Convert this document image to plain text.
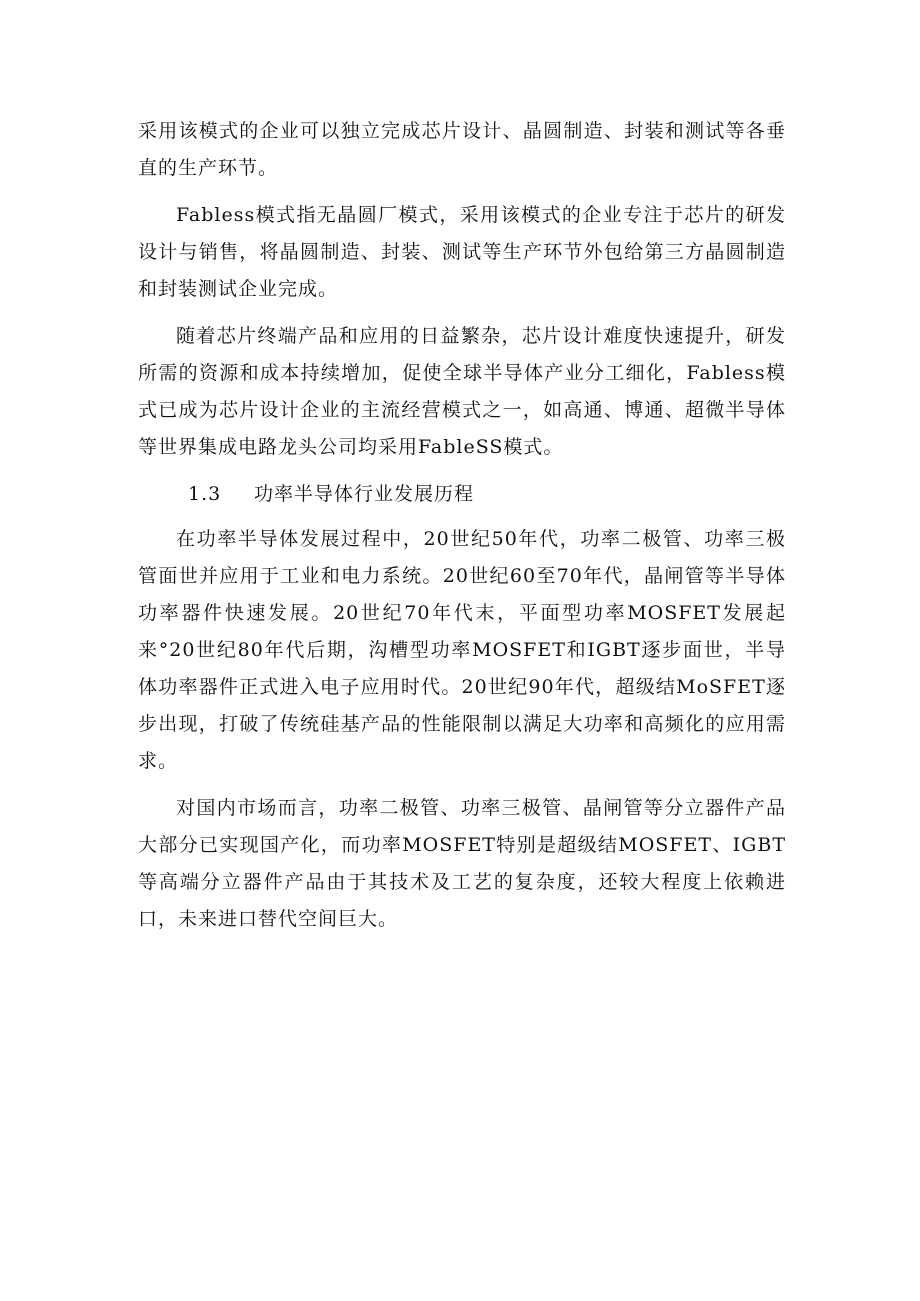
采用该模式的企业可以独立完成芯片设计、晶圆制造、封装和测试等各垂直的生产环节。

Fabless模式指无晶圆厂模式，采用该模式的企业专注于芯片的研发设计与销售，将晶圆制造、封装、测试等生产环节外包给第三方晶圆制造和封装测试企业完成。

随着芯片终端产品和应用的日益繁杂，芯片设计难度快速提升，研发所需的资源和成本持续增加，促使全球半导体产业分工细化，Fabless模式已成为芯片设计企业的主流经营模式之一，如高通、博通、超微半导体等世界集成电路龙头公司均采用FableSS模式。

1.3	功率半导体行业发展历程

在功率半导体发展过程中，20世纪50年代，功率二极管、功率三极管面世并应用于工业和电力系统。20世纪60至70年代，晶闸管等半导体功率器件快速发展。20世纪70年代末，平面型功率MOSFET发展起来°20世纪80年代后期，沟槽型功率MOSFET和IGBT逐步面世，半导体功率器件正式进入电子应用时代。20世纪90年代，超级结MoSFET逐步出现，打破了传统硅基产品的性能限制以满足大功率和高频化的应用需求。

对国内市场而言，功率二极管、功率三极管、晶闸管等分立器件产品大部分已实现国产化，而功率MOSFET特别是超级结MOSFET、IGBT等高端分立器件产品由于其技术及工艺的复杂度，还较大程度上依赖进口，未来进口替代空间巨大。
